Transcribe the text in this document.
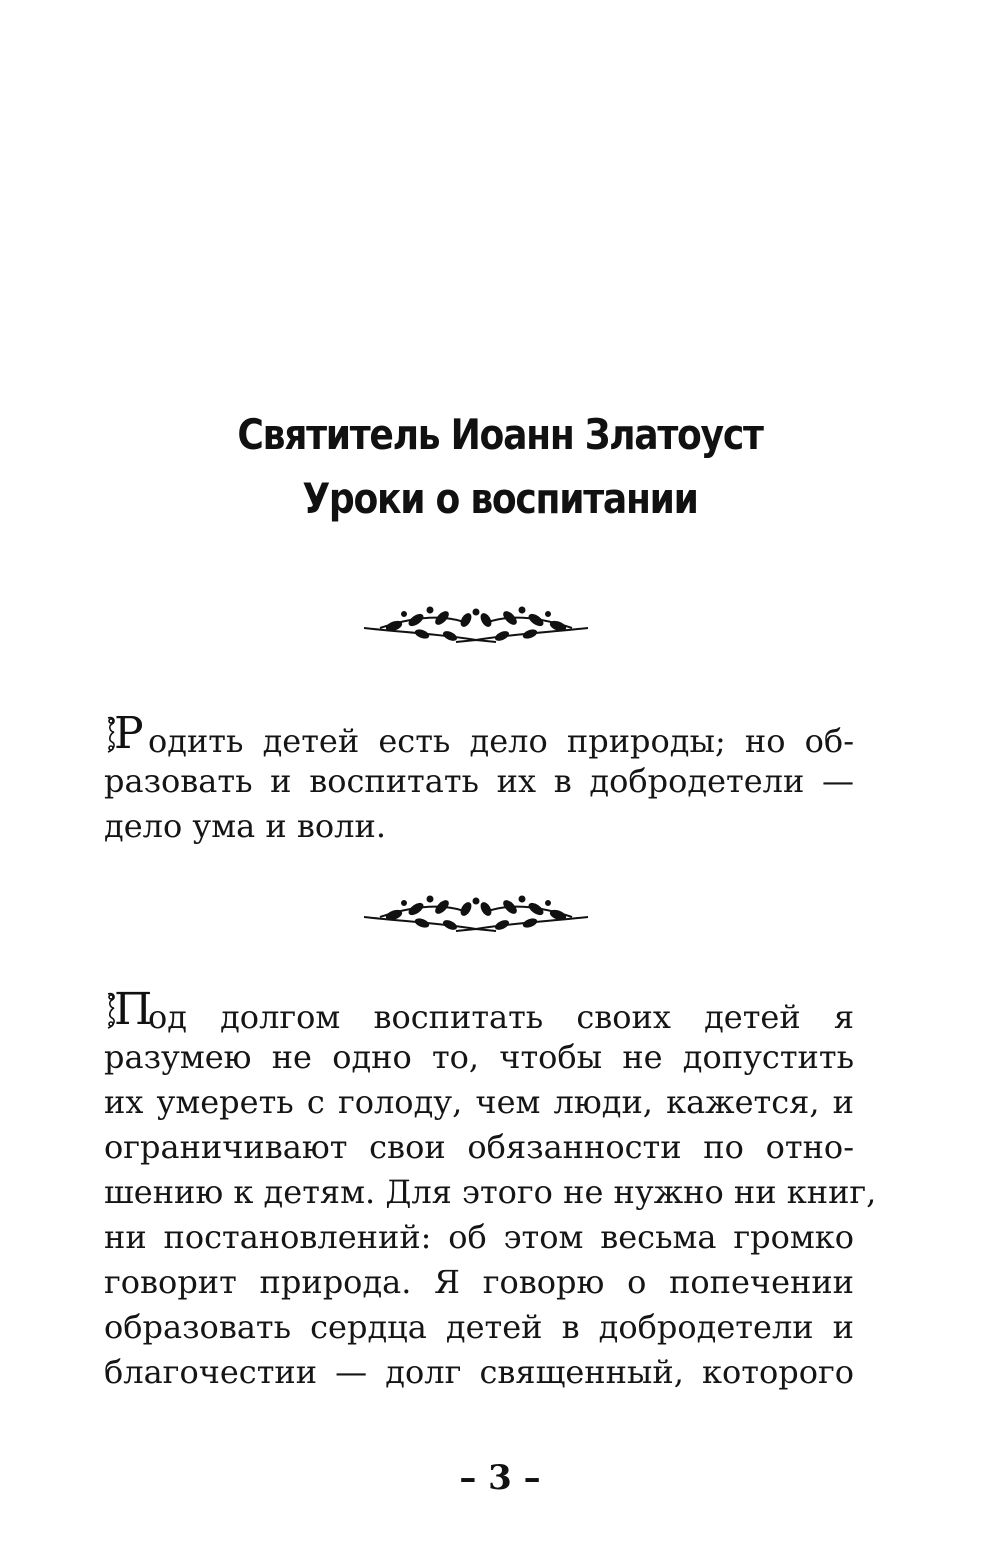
Святитель Иоанн Златоуст
Уроки о воспитании
Р одить детей есть дело природы; но об-
разовать и воспитать их в добродетели —
дело ума и воли.
П
од долгом воспитать своих детей я
разумею не одно то, чтобы не допустить
их умереть с голоду, чем люди, кажется, и
ограничивают свои обязанности по отно-
шению к детям. Для этого не нужно ни книг,
ни постановлений: об этом весьма громко
говорит природа. Я говорю о попечении
образовать сердца детей в добродетели и
благочестии — долг священный, которого
– 3 –
